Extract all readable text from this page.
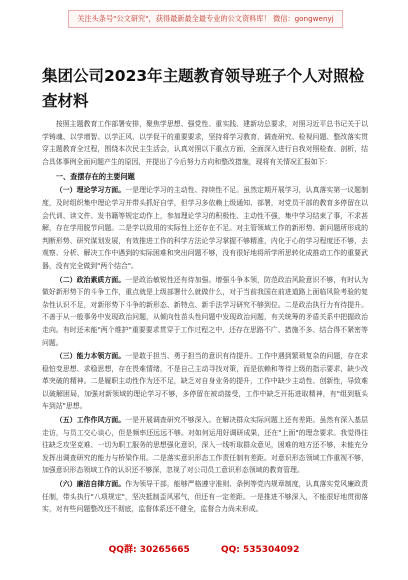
关注头条号"公文研究"，获得最新最全最专业的公文资料库！ 微信：gongwenyj
集团公司2023年主题教育领导班子个人对照检查材料

按照主题教育工作部署安排，聚焦学思想、强党性、重实践、建新功总要求，对照习近平总书记关于以学铸魂、以学增智、以学正风、以学促干的重要要求，坚持将学习教育、调查研究、检视问题、整改落实贯穿主题教育全过程，围绕本次民主生活会，认真对照以下重点方面，全面深入进行自我对照检查、剖析，结合具体事例全面问题产生的原因，并提出了今后努力方向和整改措施，现将有关情况汇报如下：

一、查摆存在的主要问题

（一）理论学习方面。一是理论学习的主动性、持续性不足。虽然定期开展学习，认真落实第一议题制度，及时组织集中理论学习并带头抓好自学，但学习多依赖上级通知、部署，对党员干部的教育多停留在以会代训、读文件、发书籍等规定动作上，参加理论学习的积极性、主动性不强，集中学习结束了事，不求甚解，存在学用脱节问题。二是学以致用的实际性上还存在不足。对主管领域工作的新形势、新问题所形成的判断形势、研究谋划发展，有效推进工作的科学方法论学习掌握不够精准，内化于心的学习程度还不够，去观察、分析、解决工作中遇到的实际困难和突出问题不够，没有很好地将所学所思转化成推动工作的重要武器，没有完全做到"两个结合"。

（二）政治素质方面。一是政治敏锐性还有待加强。增强斗争本领，防范政治风险意识不够，有时认为做好新形势下的斗争工作，重点就是上级部署什么就做什么，对于当前我国在前进道路上面临风险考验的复杂性认识不足，对新形势下斗争的新形态、新特点、新手法学习研究不够到位。二是政治执行力有待提升。不善于从一般事务中发现政治问题，从倾向性苗头性问题中发现政治问题，有关统筹的矛盾关系中把握政治走向。有时还未能"两个维护"重要要求贯穿于工作过程之中，还存在思路不广、措施不多、结合得不紧密等问题。

（三）能力本领方面。一是敢于担当、勇于担当的意识有待提升。工作中遇到繁琐复杂的问题，存在求稳怕变思想、求稳思想，存在畏难情绪，不是自己主动寻找对策，而是依赖和等待上级的指示要求，缺少改革突破的精神。二是履职主动性作为还不足，缺乏对自身业务的提升，工作中缺少主动性、创新性，导致难以破解困局，加强对新领域的理论学习不够，多停留在被动接受，工作中缺乏开拓进取精神，有"组到瓶头车到站"思想。

（五）工作作风方面。一是开展调查研究不够深入。在解决群众实际问题上还有差距。虽然有深入基层走访，与员工交心谈心，但是频率还远远不够。对如何运用好调研成果，还在"上面"的理念要求。我觉得往往缺乏攻坚克难、一切为职工服务的思想强化意识，深入一线听取群众意见，困难的地方还不够，未能充分发挥出调查研究的能力与桥梁作用。二是落实意识形态工作责任制有差距。对意识形态领域工作重视不够，加强意识形态领域工作的认识还不够深，忽视了对公司员工意识形态领域的教育管理。

（六）廉洁自律方面。作为领导干部，能够严格遵守准则、条例等党内规章制度，认真落实党风廉政责任制，带头执行"八项规定"，坚决抵制歪风邪气，但还有一定差距。一是推进不够深入，不能很好地贯彻落实，对有些问题整改还不彻底，监督体系还不健全，监督合力尚未形成。

QQ群: 30265665	QQ: 535304092
